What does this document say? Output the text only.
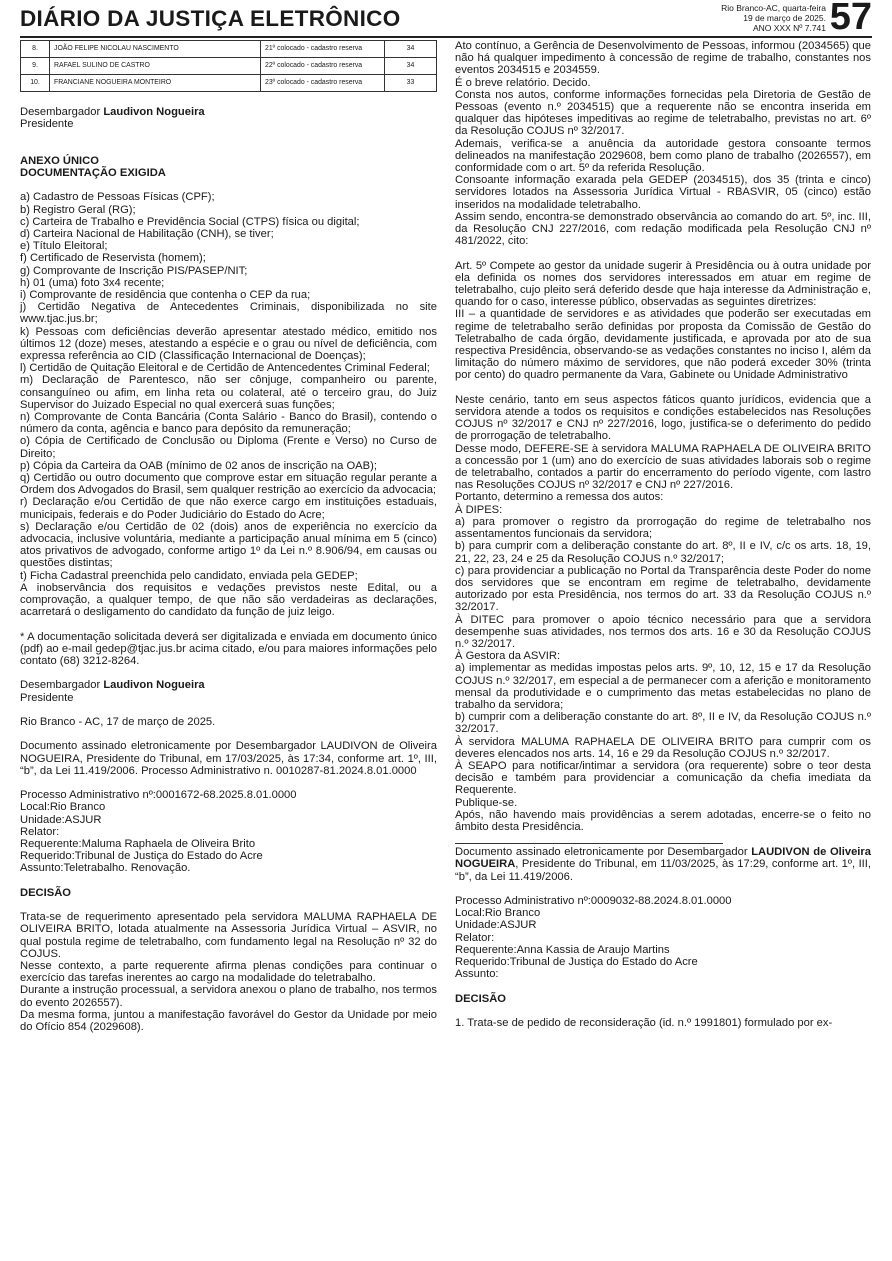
DIÁRIO DA JUSTIÇA ELETRÔNICO	Rio Branco-AC, quarta-feira
19 de março de 2025.
ANO XXX Nº 7.741 57
8.	JOÃO FELIPE NICOLAU NASCIMENTO	21º colocado - cadastro reserva	34
9.	RAFAEL SULINO DE CASTRO	22º colocado - cadastro reserva	34
10.	FRANCIANE NOGUEIRA MONTEIRO	23º colocado - cadastro reserva	33

Desembargador Laudivon Nogueira

Presidente

ANEXO ÚNICO

DOCUMENTAÇÃO EXIGIDA

a) Cadastro de Pessoas Físicas (CPF);

b) Registro Geral (RG);

c) Carteira de Trabalho e Previdência Social (CTPS) física ou digital;

d) Carteira Nacional de Habilitação (CNH), se tiver;

e) Título Eleitoral;

f) Certificado de Reservista (homem);

g) Comprovante de Inscrição PIS/PASEP/NIT;

h) 01 (uma) foto 3x4 recente;

i) Comprovante de residência que contenha o CEP da rua;

j) Certidão Negativa de Antecedentes Criminais, disponibilizada no site www.tjac.jus.br;

k) Pessoas com deficiências deverão apresentar atestado médico, emitido nos últimos 12 (doze) meses, atestando a espécie e o grau ou nível de deficiência, com expressa referência ao CID (Classificação Internacional de Doenças);

l) Certidão de Quitação Eleitoral e de Certidão de Antencedentes Criminal Federal;

m) Declaração de Parentesco, não ser cônjuge, companheiro ou parente, consanguíneo ou afim, em linha reta ou colateral, até o terceiro grau, do Juiz Supervisor do Juizado Especial no qual exercerá suas funções;

n) Comprovante de Conta Bancária (Conta Salário - Banco do Brasil), contendo o número da conta, agência e banco para depósito da remuneração;

o) Cópia de Certificado de Conclusão ou Diploma (Frente e Verso) no Curso de Direito;

p) Cópia da Carteira da OAB (mínimo de 02 anos de inscrição na OAB);

q) Certidão ou outro documento que comprove estar em situação regular perante a Ordem dos Advogados do Brasil, sem qualquer restrição ao exercício da advocacia;

r) Declaração e/ou Certidão de que não exerce cargo em instituições estaduais, municipais, federais e do Poder Judiciário do Estado do Acre;

s) Declaração e/ou Certidão de 02 (dois) anos de experiência no exercício da advocacia, inclusive voluntária, mediante a participação anual mínima em 5 (cinco) atos privativos de advogado, conforme artigo 1º da Lei n.º 8.906/94, em causas ou questões distintas;

t) Ficha Cadastral preenchida pelo candidato, enviada pela GEDEP;

A inobservância dos requisitos e vedações previstos neste Edital, ou a comprovação, a qualquer tempo, de que não são verdadeiras as declarações, acarretará o desligamento do candidato da função de juiz leigo.

* A documentação solicitada deverá ser digitalizada e enviada em documento único (pdf) ao e-mail gedep@tjac.jus.br acima citado, e/ou para maiores informações pelo contato (68) 3212-8264.

Desembargador Laudivon Nogueira

Presidente

Rio Branco - AC, 17 de março de 2025.

Documento assinado eletronicamente por Desembargador LAUDIVON de Oliveira NOGUEIRA, Presidente do Tribunal, em 17/03/2025, às 17:34, conforme art. 1º, III, “b”, da Lei 11.419/2006. Processo Administrativo n. 0010287-81.2024.8.01.0000

Processo Administrativo nº:0001672-68.2025.8.01.0000

Local:Rio Branco

Unidade:ASJUR

Relator:

Requerente:Maluma Raphaela de Oliveira Brito

Requerido:Tribunal de Justiça do Estado do Acre

Assunto:Teletrabalho. Renovação.

DECISÃO

Trata-se de requerimento apresentado pela servidora MALUMA RAPHAELA DE OLIVEIRA BRITO, lotada atualmente na Assessoria Jurídica Virtual – ASVIR, no qual postula regime de teletrabalho, com fundamento legal na Resolução nº 32 do COJUS.

Nesse contexto, a parte requerente afirma plenas condições para continuar o exercício das tarefas inerentes ao cargo na modalidade do teletrabalho.

Durante a instrução processual, a servidora anexou o plano de trabalho, nos termos do evento 2026557).

Da mesma forma, juntou a manifestação favorável do Gestor da Unidade por meio do Ofício 854 (2029608).

Ato contínuo, a Gerência de Desenvolvimento de Pessoas, informou (2034565) que não há qualquer impedimento à concessão de regime de trabalho, constantes nos eventos 2034515 e 2034559.

É o breve relatório. Decido.

Consta nos autos, conforme informações fornecidas pela Diretoria de Gestão de Pessoas (evento n.º 2034515) que a requerente não se encontra inserida em qualquer das hipóteses impeditivas ao regime de teletrabalho, previstas no art. 6º da Resolução COJUS nº 32/2017.

Ademais, verifica-se a anuência da autoridade gestora consoante termos delineados na manifestação 2029608, bem como plano de trabalho (2026557), em conformidade com o art. 5º da referida Resolução.

Consoante informação exarada pela GEDEP (2034515), dos 35 (trinta e cinco) servidores lotados na Assessoria Jurídica Virtual - RBASVIR, 05 (cinco) estão inseridos na modalidade teletrabalho.

Assim sendo, encontra-se demonstrado observância ao comando do art. 5º, inc. III, da Resolução CNJ 227/2016, com redação modificada pela Resolução CNJ nº 481/2022, cito:

Art. 5º Compete ao gestor da unidade sugerir à Presidência ou à outra unidade por ela definida os nomes dos servidores interessados em atuar em regime de teletrabalho, cujo pleito será deferido desde que haja interesse da Administração e, quando for o caso, interesse público, observadas as seguintes diretrizes:

III – a quantidade de servidores e as atividades que poderão ser executadas em regime de teletrabalho serão definidas por proposta da Comissão de Gestão do Teletrabalho de cada órgão, devidamente justificada, e aprovada por ato de sua respectiva Presidência, observando-se as vedações constantes no inciso I, além da limitação do número máximo de servidores, que não poderá exceder 30% (trinta por cento) do quadro permanente da Vara, Gabinete ou Unidade Administrativo

Neste cenário, tanto em seus aspectos fáticos quanto jurídicos, evidencia que a servidora atende a todos os requisitos e condições estabelecidos nas Resoluções COJUS nº 32/2017 e CNJ nº 227/2016, logo, justifica-se o deferimento do pedido de prorrogação de teletrabalho.

Desse modo, DEFERE-SE à servidora MALUMA RAPHAELA DE OLIVEIRA BRITO a concessão por 1 (um) ano do exercício de suas atividades laborais sob o regime de teletrabalho, contados a partir do encerramento do período vigente, com lastro nas Resoluções COJUS nº 32/2017 e CNJ nº 227/2016.

Portanto, determino a remessa dos autos:

À DIPES:

a) para promover o registro da prorrogação do regime de teletrabalho nos assentamentos funcionais da servidora;

b) para cumprir com a deliberação constante do art. 8º, II e IV, c/c os arts. 18, 19, 21, 22, 23, 24 e 25 da Resolução COJUS n.º 32/2017;

c) para providenciar a publicação no Portal da Transparência deste Poder do nome dos servidores que se encontram em regime de teletrabalho, devidamente autorizado por esta Presidência, nos termos do art. 33 da Resolução COJUS n.º 32/2017.

À DITEC para promover o apoio técnico necessário para que a servidora desempenhe suas atividades, nos termos dos arts. 16 e 30 da Resolução COJUS n.º 32/2017.

À Gestora da ASVIR:

a) implementar as medidas impostas pelos arts. 9º, 10, 12, 15 e 17 da Resolução COJUS n.º 32/2017, em especial a de permanecer com a aferição e monitoramento mensal da produtividade e o cumprimento das metas estabelecidas no plano de trabalho da servidora;

b) cumprir com a deliberação constante do art. 8º, II e IV, da Resolução COJUS n.º 32/2017.

À servidora MALUMA RAPHAELA DE OLIVEIRA BRITO para cumprir com os deveres elencados nos arts. 14, 16 e 29 da Resolução COJUS n.º 32/2017.

À SEAPO para notificar/intimar a servidora (ora requerente) sobre o teor desta decisão e também para providenciar a comunicação da chefia imediata da Requerente.

Publique-se.

Após, não havendo mais providências a serem adotadas, encerre-se o feito no âmbito desta Presidência.

Documento assinado eletronicamente por Desembargador LAUDIVON de Oliveira NOGUEIRA, Presidente do Tribunal, em 11/03/2025, às 17:29, conforme art. 1º, III, “b”, da Lei 11.419/2006.

Processo Administrativo nº:0009032-88.2024.8.01.0000

Local:Rio Branco

Unidade:ASJUR

Relator:

Requerente:Anna Kassia de Araujo Martins

Requerido:Tribunal de Justiça do Estado do Acre

Assunto:

DECISÃO

1. Trata-se de pedido de reconsideração (id. n.º 1991801) formulado por ex-
